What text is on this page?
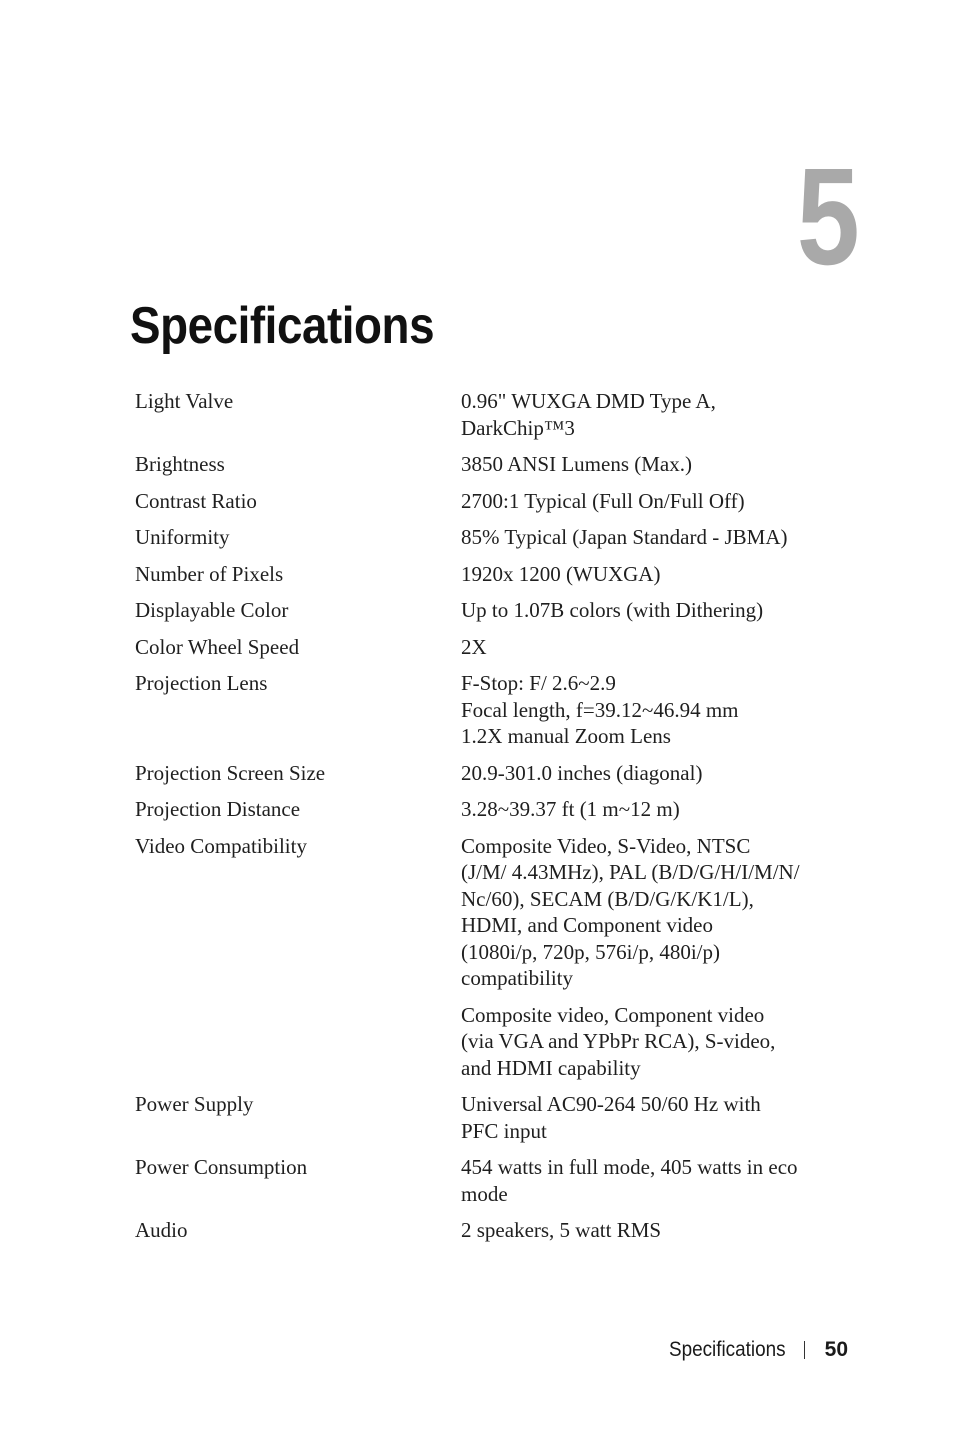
5
Specifications
Light Valve	0.96" WUXGA DMD Type A,
DarkChip™3
Brightness	3850 ANSI Lumens (Max.)
Contrast Ratio	2700:1 Typical (Full On/Full Off)
Uniformity	85% Typical (Japan Standard - JBMA)
Number of Pixels	1920x 1200 (WUXGA)
Displayable Color	Up to 1.07B colors (with Dithering)
Color Wheel Speed	2X
Projection Lens	F-Stop: F/ 2.6~2.9
Focal length, f=39.12~46.94 mm
1.2X manual Zoom Lens
Projection Screen Size	20.9-301.0 inches (diagonal)
Projection Distance	3.28~39.37 ft (1 m~12 m)
Video Compatibility	Composite Video, S-Video, NTSC
(J/M/ 4.43MHz), PAL (B/D/G/H/I/M/N/
Nc/60), SECAM (B/D/G/K/K1/L),
HDMI, and Component video
(1080i/p, 720p, 576i/p, 480i/p)
compatibility
Composite video, Component video
(via VGA and YPbPr RCA), S-video,
and HDMI capability
Power Supply	Universal AC90-264 50/60 Hz with
PFC input
Power Consumption	454 watts in full mode, 405 watts in eco
mode
Audio	2 speakers, 5 watt RMS
Specifications 50
